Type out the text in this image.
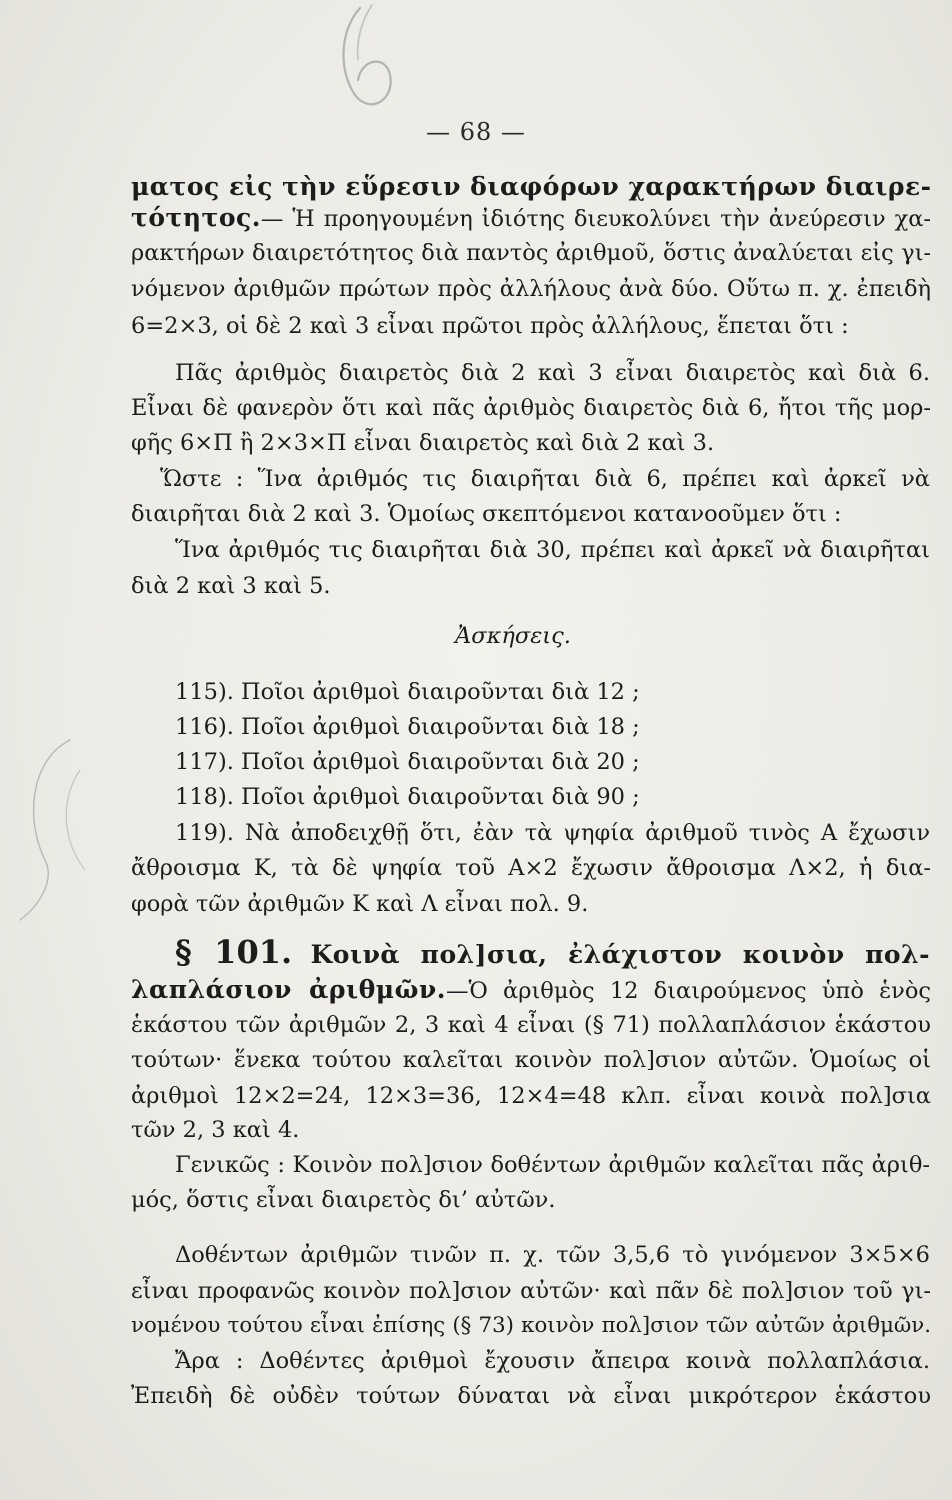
— 68 —
ματος εἰς τὴν εὕρεσιν διαφόρων χαρακτήρων διαιρε-
τότητος.— Ἡ προηγουμένη ἰδιότης διευκολύνει τὴν ἀνεύρεσιν χα-
ρακτήρων διαιρετότητος διὰ παντὸς ἀριθμοῦ, ὅστις ἀναλύεται εἰς γι-
νόμενον ἀριθμῶν πρώτων πρὸς ἀλλήλους ἀνὰ δύο. Οὕτω π. χ. ἐπειδὴ
6=2×3, οἱ δὲ 2 καὶ 3 εἶναι πρῶτοι πρὸς ἀλλήλους, ἕπεται ὅτι :
Πᾶς ἀριθμὸς διαιρετὸς διὰ 2 καὶ 3 εἶναι διαιρετὸς καὶ διὰ 6.
Εἶναι δὲ φανερὸν ὅτι καὶ πᾶς ἀριθμὸς διαιρετὸς διὰ 6, ἤτοι τῆς μορ-
φῆς 6×Π ἢ 2×3×Π εἶναι διαιρετὸς καὶ διὰ 2 καὶ 3.
Ὥστε : Ἵνα ἀριθμός τις διαιρῆται διὰ 6, πρέπει καὶ ἀρκεῖ νὰ
διαιρῆται διὰ 2 καὶ 3. Ὁμοίως σκεπτόμενοι κατανοοῦμεν ὅτι :
Ἵνα ἀριθμός τις διαιρῆται διὰ 30, πρέπει καὶ ἀρκεῖ νὰ διαιρῆται
διὰ 2 καὶ 3 καὶ 5.
Ἀσκήσεις.
115). Ποῖοι ἀριθμοὶ διαιροῦνται διὰ 12 ;
116). Ποῖοι ἀριθμοὶ διαιροῦνται διὰ 18 ;
117). Ποῖοι ἀριθμοὶ διαιροῦνται διὰ 20 ;
118). Ποῖοι ἀριθμοὶ διαιροῦνται διὰ 90 ;
119). Νὰ ἀποδειχθῇ ὅτι, ἐὰν τὰ ψηφία ἀριθμοῦ τινὸς Α ἔχωσιν
ἄθροισμα Κ, τὰ δὲ ψηφία τοῦ Α×2 ἔχωσιν ἄθροισμα Λ×2, ἡ δια-
φορὰ τῶν ἀριθμῶν Κ καὶ Λ εἶναι πολ. 9.
§ 101. Κοινὰ πολ]σια, ἐλάχιστον κοινὸν πολ-
λαπλάσιον ἀριθμῶν.—Ὁ ἀριθμὸς 12 διαιρούμενος ὑπὸ ἑνὸς
ἑκάστου τῶν ἀριθμῶν 2, 3 καὶ 4 εἶναι (§ 71) πολλαπλάσιον ἑκάστου
τούτων· ἕνεκα τούτου καλεῖται κοινὸν πολ]σιον αὐτῶν. Ὁμοίως οἱ
ἀριθμοὶ 12×2=24, 12×3=36, 12×4=48 κλπ. εἶναι κοινὰ πολ]σια
τῶν 2, 3 καὶ 4.
Γενικῶς : Κοινὸν πολ]σιον δοθέντων ἀριθμῶν καλεῖται πᾶς ἀριθ-
μός, ὅστις εἶναι διαιρετὸς δι’ αὐτῶν.
Δοθέντων ἀριθμῶν τινῶν π. χ. τῶν 3,5,6 τὸ γινόμενον 3×5×6
εἶναι προφανῶς κοινὸν πολ]σιον αὐτῶν· καὶ πᾶν δὲ πολ]σιον τοῦ γι-
νομένου τούτου εἶναι ἐπίσης (§ 73) κοινὸν πολ]σιον τῶν αὐτῶν ἀριθμῶν.
Ἄρα : Δοθέντες ἀριθμοὶ ἔχουσιν ἄπειρα κοινὰ πολλαπλάσια.
Ἐπειδὴ δὲ οὐδὲν τούτων δύναται νὰ εἶναι μικρότερον ἑκάστου
